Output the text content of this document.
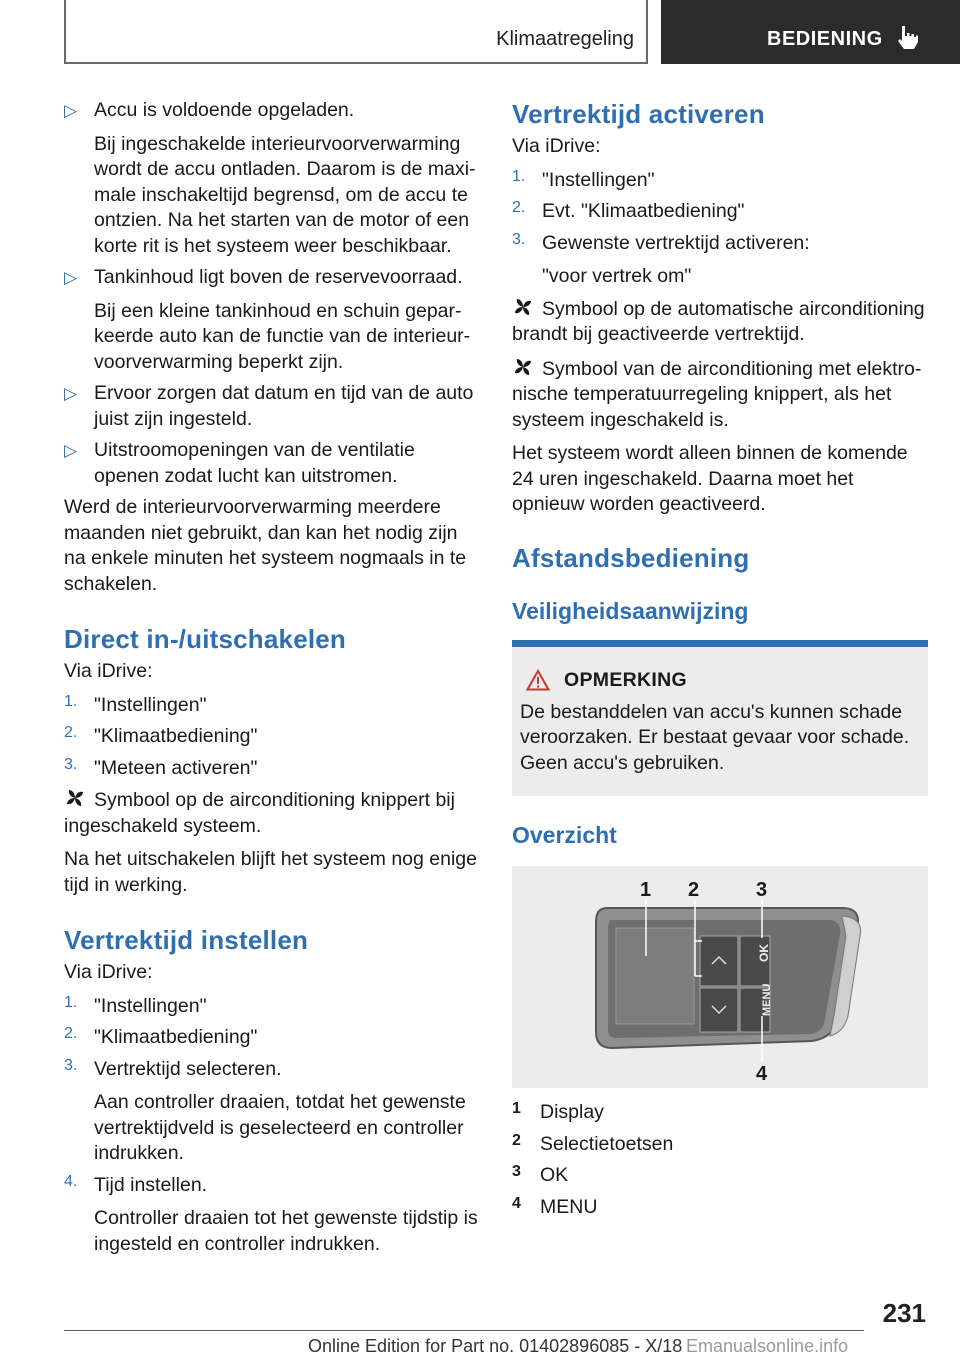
Klimaatregeling	BEDIENING
▷ Accu is voldoende opgeladen.

Bij ingeschakelde interieurvoorverwarming wordt de accu ontladen. Daarom is de maximale inschakeltijd begrensd, om de accu te ontzien. Na het starten van de motor of een korte rit is het systeem weer beschikbaar.

▷ Tankinhoud ligt boven de reservevoorraad.

Bij een kleine tankinhoud en schuin geparkeerde auto kan de functie van de interieurvoorverwarming beperkt zijn.

▷ Ervoor zorgen dat datum en tijd van de auto juist zijn ingesteld.

▷ Uitstroomopeningen van de ventilatie openen zodat lucht kan uitstromen.

Werd de interieurvoorverwarming meerdere maanden niet gebruikt, dan kan het nodig zijn na enkele minuten het systeem nogmaals in te schakelen.

Direct in-/uitschakelen

Via iDrive:

1. "Instellingen"

2. "Klimaatbediening"

3. "Meteen activeren"

Symbool op de airconditioning knippert bij ingeschakeld systeem.

Na het uitschakelen blijft het systeem nog enige tijd in werking.

Vertrektijd instellen

Via iDrive:

1. "Instellingen"

2. "Klimaatbediening"

3. Vertrektijd selecteren.

Aan controller draaien, totdat het gewenste vertrektijdveld is geselecteerd en controller indrukken.

4. Tijd instellen.

Controller draaien tot het gewenste tijdstip is ingesteld en controller indrukken.

Vertrektijd activeren

Via iDrive:

1. "Instellingen"

2. Evt. "Klimaatbediening"

3. Gewenste vertrektijd activeren:

"voor vertrek om"

Symbool op de automatische airconditioning brandt bij geactiveerde vertrektijd.

Symbool van de airconditioning met elektronische temperatuurregeling knippert, als het systeem ingeschakeld is.

Het systeem wordt alleen binnen de komende 24 uren ingeschakeld. Daarna moet het opnieuw worden geactiveerd.

Afstandsbediening
Veiligheidsaanwijzing
OPMERKING

De bestanddelen van accu's kunnen schade veroorzaken. Er bestaat gevaar voor schade. Geen accu's gebruiken.

Overzicht
OK
MENU
1 2	3
4
1 Display

2 Selectietoetsen

3 OK

4 MENU

231
Online Edition for Part no. 01402896085 - X/18 Emanualsonline.info
